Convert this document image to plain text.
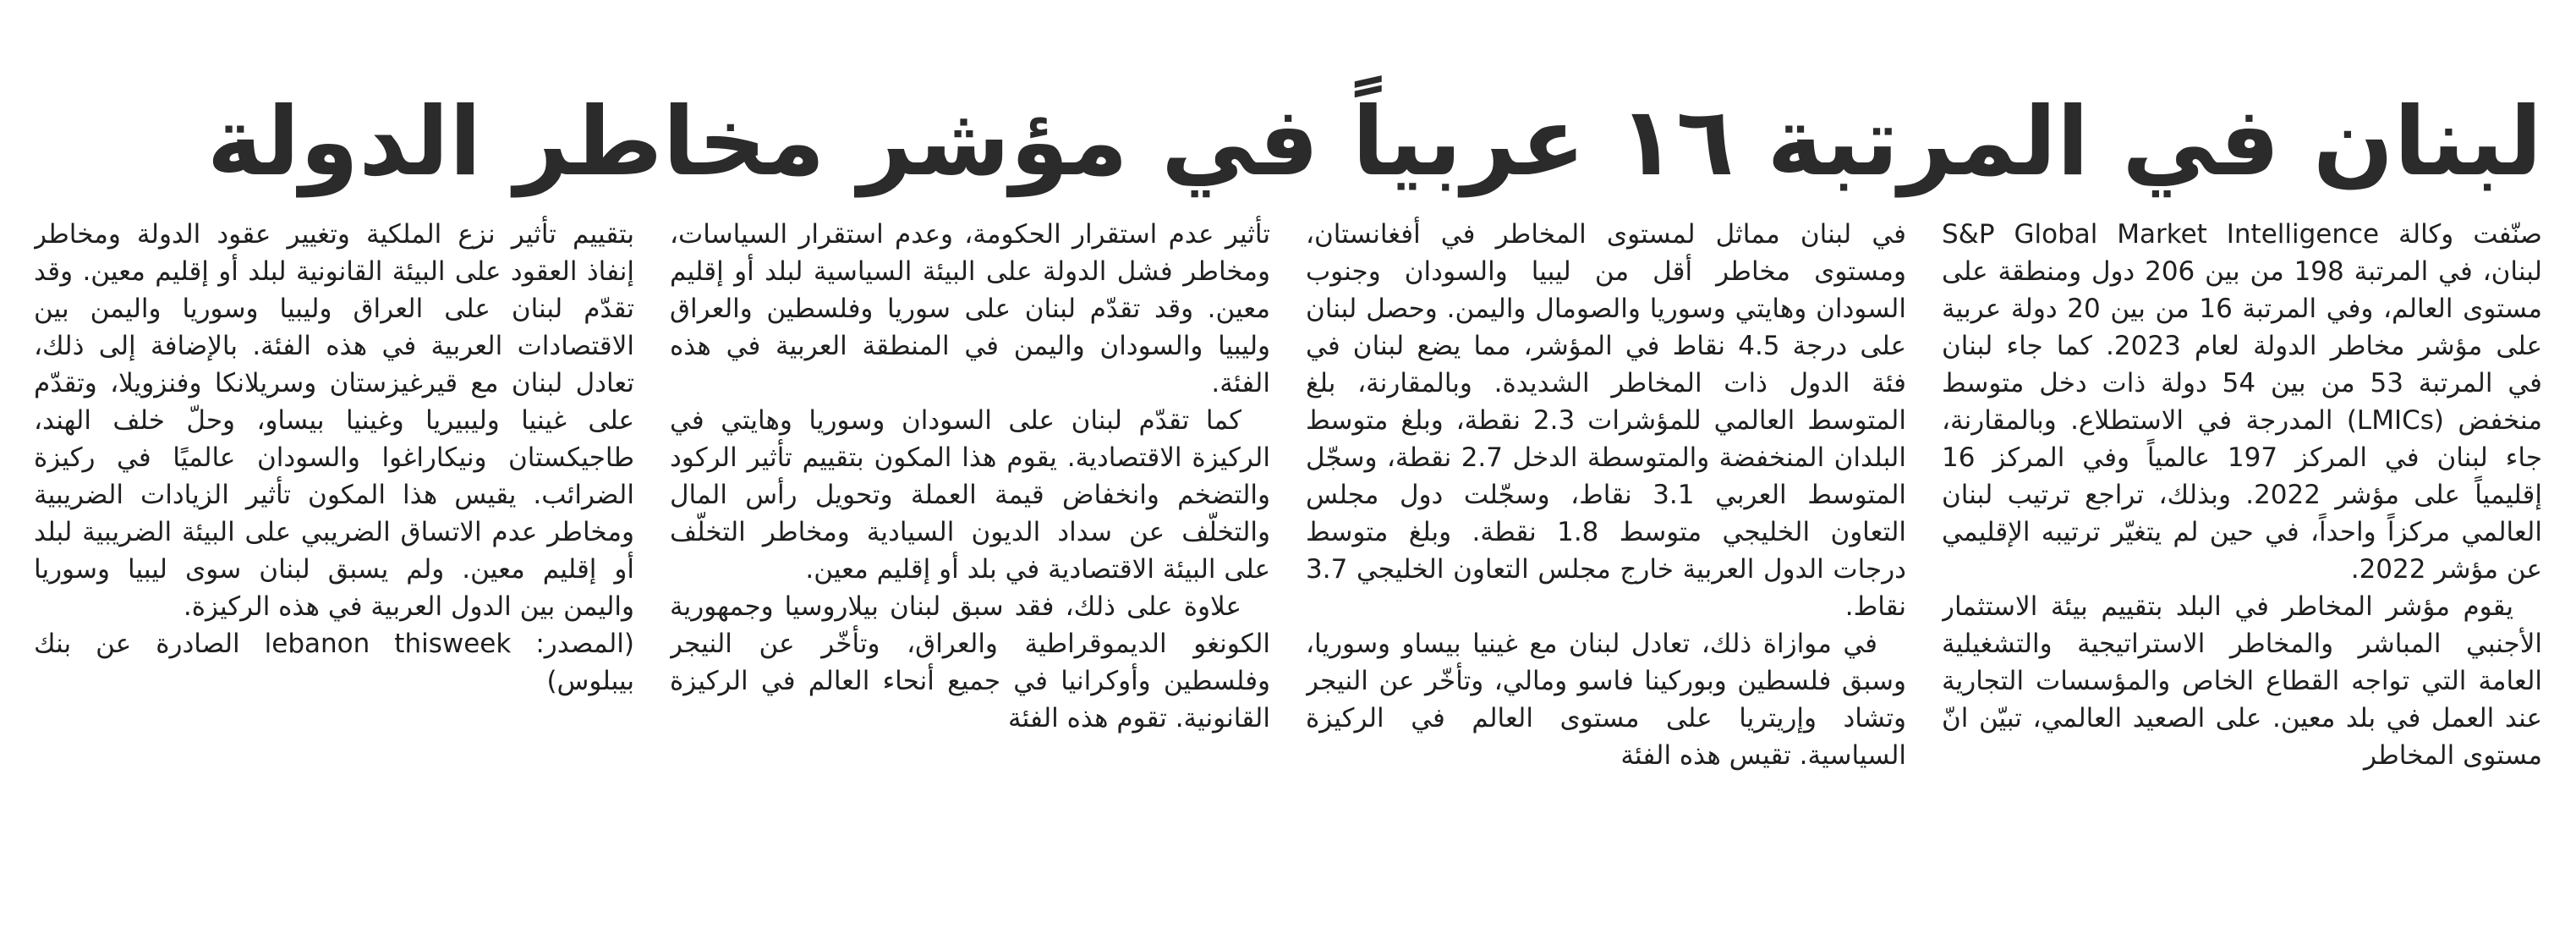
لبنان في المرتبة ١٦ عربياً في مؤشر مخاطر الدولة

صنّفت وكالة S&P Global Market Intelligence لبنان، في المرتبة 198 من بين 206 دول ومنطقة على مستوى العالم، وفي المرتبة 16 من بين 20 دولة عربية على مؤشر مخاطر الدولة لعام 2023. كما جاء لبنان في المرتبة 53 من بين 54 دولة ذات دخل متوسط منخفض (LMICs) المدرجة في الاستطلاع. وبالمقارنة، جاء لبنان في المركز 197 عالمياً وفي المركز 16 إقليمياً على مؤشر 2022. وبذلك، تراجع ترتيب لبنان العالمي مركزاً واحداً، في حين لم يتغيّر ترتيبه الإقليمي عن مؤشر 2022.

يقوم مؤشر المخاطر في البلد بتقييم بيئة الاستثمار الأجنبي المباشر والمخاطر الاستراتيجية والتشغيلية العامة التي تواجه القطاع الخاص والمؤسسات التجارية عند العمل في بلد معين. على الصعيد العالمي، تبيّن انّ مستوى المخاطر

في لبنان مماثل لمستوى المخاطر في أفغانستان، ومستوى مخاطر أقل من ليبيا والسودان وجنوب السودان وهايتي وسوريا والصومال واليمن. وحصل لبنان على درجة 4.5 نقاط في المؤشر، مما يضع لبنان في فئة الدول ذات المخاطر الشديدة. وبالمقارنة، بلغ المتوسط العالمي للمؤشرات 2.3 نقطة، وبلغ متوسط البلدان المنخفضة والمتوسطة الدخل 2.7 نقطة، وسجّل المتوسط العربي 3.1 نقاط، وسجّلت دول مجلس التعاون الخليجي متوسط 1.8 نقطة. وبلغ متوسط درجات الدول العربية خارج مجلس التعاون الخليجي 3.7 نقاط.

في موازاة ذلك، تعادل لبنان مع غينيا بيساو وسوريا، وسبق فلسطين وبوركينا فاسو ومالي، وتأخّر عن النيجر وتشاد وإريتريا على مستوى العالم في الركيزة السياسية. تقيس هذه الفئة

تأثير عدم استقرار الحكومة، وعدم استقرار السياسات، ومخاطر فشل الدولة على البيئة السياسية لبلد أو إقليم معين. وقد تقدّم لبنان على سوريا وفلسطين والعراق وليبيا والسودان واليمن في المنطقة العربية في هذه الفئة.

كما تقدّم لبنان على السودان وسوريا وهايتي في الركيزة الاقتصادية. يقوم هذا المكون بتقييم تأثير الركود والتضخم وانخفاض قيمة العملة وتحويل رأس المال والتخلّف عن سداد الديون السيادية ومخاطر التخلّف على البيئة الاقتصادية في بلد أو إقليم معين.

علاوة على ذلك، فقد سبق لبنان بيلاروسيا وجمهورية الكونغو الديموقراطية والعراق، وتأخّر عن النيجر وفلسطين وأوكرانيا في جميع أنحاء العالم في الركيزة القانونية. تقوم هذه الفئة

بتقييم تأثير نزع الملكية وتغيير عقود الدولة ومخاطر إنفاذ العقود على البيئة القانونية لبلد أو إقليم معين. وقد تقدّم لبنان على العراق وليبيا وسوريا واليمن بين الاقتصادات العربية في هذه الفئة. بالإضافة إلى ذلك، تعادل لبنان مع قيرغيزستان وسريلانكا وفنزويلا، وتقدّم على غينيا وليبيريا وغينيا بيساو، وحلّ خلف الهند، طاجيكستان ونيكاراغوا والسودان عالميًا في ركيزة الضرائب. يقيس هذا المكون تأثير الزيادات الضريبية ومخاطر عدم الاتساق الضريبي على البيئة الضريبية لبلد أو إقليم معين. ولم يسبق لبنان سوى ليبيا وسوريا واليمن بين الدول العربية في هذه الركيزة.

(المصدر: lebanon thisweek الصادرة عن بنك بيبلوس)
